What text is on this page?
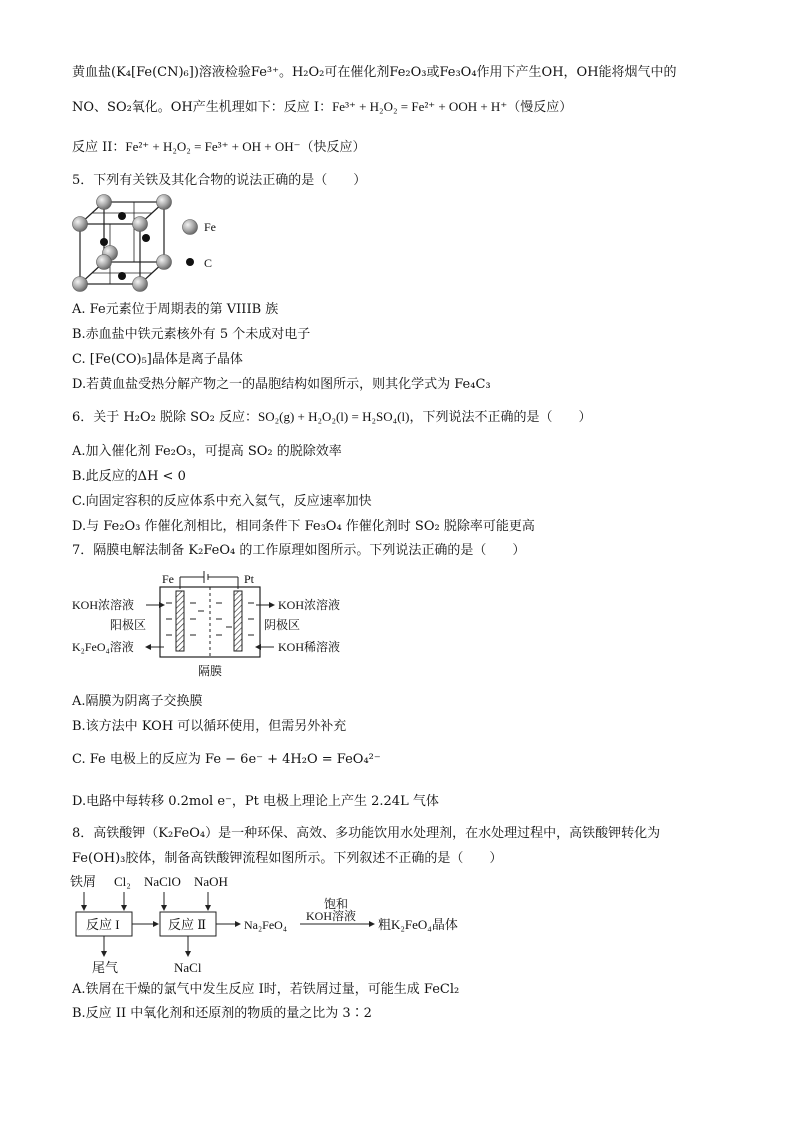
黄血盐(K₄[Fe(CN)₆])溶液检验Fe³⁺。H₂O₂可在催化剂Fe₂O₃或Fe₃O₄作用下产生OH，OH能将烟气中的
NO、SO₂氧化。OH产生机理如下：反应 I：Fe³⁺ + H₂O₂ = Fe²⁺ + OOH + H⁺（慢反应）
反应 II：Fe²⁺ + H₂O₂ = Fe³⁺ + OH + OH⁻（快反应）
5．下列有关铁及其化合物的说法正确的是（　　）
Fe
C
A. Fe元素位于周期表的第 VIIIB 族
B.赤血盐中铁元素核外有 5 个未成对电子
C. [Fe(CO)₅]晶体是离子晶体
D.若黄血盐受热分解产物之一的晶胞结构如图所示，则其化学式为 Fe₄C₃
6．关于 H₂O₂ 脱除 SO₂ 反应：SO₂(g) + H₂O₂(l) = H₂SO₄(l)，下列说法不正确的是（　　）
A.加入催化剂 Fe₂O₃，可提高 SO₂ 的脱除效率
B.此反应的ΔH < 0
C.向固定容积的反应体系中充入氦气，反应速率加快
D.与 Fe₂O₃ 作催化剂相比，相同条件下 Fe₃O₄ 作催化剂时 SO₂ 脱除率可能更高
7．隔膜电解法制备 K₂FeO₄ 的工作原理如图所示。下列说法正确的是（　　）
Fe	Pt
KOH浓溶液
阳极区
K₂FeO₄溶液
KOH浓溶液
阴极区
KOH稀溶液
隔膜
A.隔膜为阴离子交换膜
B.该方法中 KOH 可以循环使用，但需另外补充
C. Fe 电极上的反应为 Fe − 6e⁻ + 4H₂O = FeO₄²⁻
D.电路中每转移 0.2mol e⁻，Pt 电极上理论上产生 2.24L 气体
8．高铁酸钾（K₂FeO₄）是一种环保、高效、多功能饮用水处理剂，在水处理过程中，高铁酸钾转化为
Fe(OH)₃胶体，制备高铁酸钾流程如图所示。下列叙述不正确的是（　　）
铁屑 Cl₂ NaClO NaOH
反应 I	反应 Ⅱ	Na₂FeO₄
饱和
KOH溶液
粗K₂FeO₄晶体
尾气	NaCl
A.铁屑在干燥的氯气中发生反应 I时，若铁屑过量，可能生成 FeCl₂
B.反应 II 中氧化剂和还原剂的物质的量之比为 3∶2
